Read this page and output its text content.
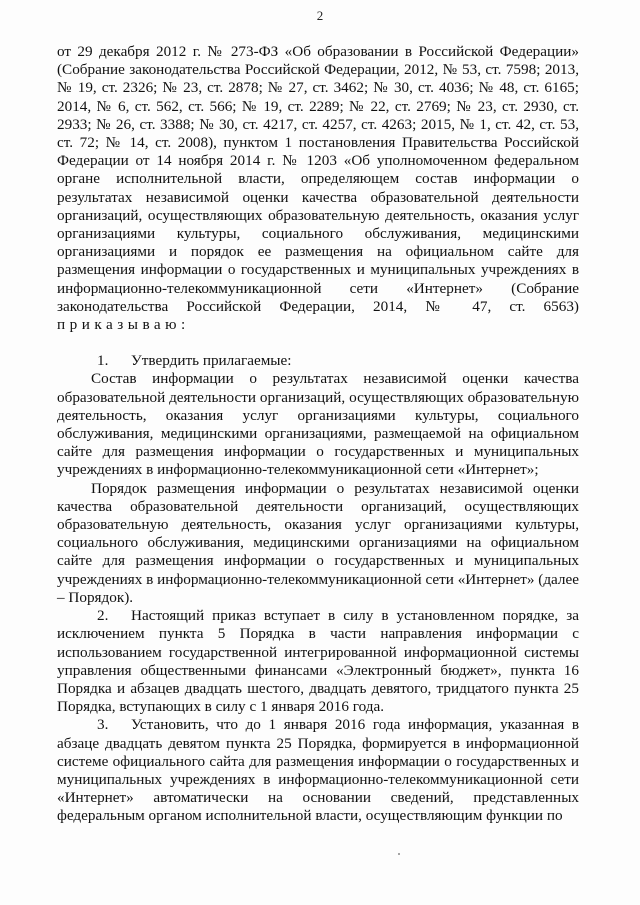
2

от 29 декабря 2012 г. № 273-ФЗ «Об образовании в Российской Федерации» (Собрание законодательства Российской Федерации, 2012, № 53, ст. 7598; 2013, № 19, ст. 2326; № 23, ст. 2878; № 27, ст. 3462; № 30, ст. 4036; № 48, ст. 6165; 2014, № 6, ст. 562, ст. 566; № 19, ст. 2289; № 22, ст. 2769; № 23, ст. 2930, ст. 2933; № 26, ст. 3388; № 30, ст. 4217, ст. 4257, ст. 4263; 2015, № 1, ст. 42, ст. 53, ст. 72; № 14, ст. 2008), пунктом 1 постановления Правительства Российской Федерации от 14 ноября 2014 г. № 1203 «Об уполномоченном федеральном органе исполнительной власти, определяющем состав информации о результатах независимой оценки качества образовательной деятельности организаций, осуществляющих образовательную деятельность, оказания услуг организациями культуры, социального обслуживания, медицинскими организациями и порядок ее размещения на официальном сайте для размещения информации о государственных и муниципальных учреждениях в информационно-телекоммуникационной сети «Интернет» (Собрание законодательства Российской Федерации, 2014, № 47, ст. 6563) приказываю:

1. Утвердить прилагаемые:

Состав информации о результатах независимой оценки качества образовательной деятельности организаций, осуществляющих образовательную деятельность, оказания услуг организациями культуры, социального обслуживания, медицинскими организациями, размещаемой на официальном сайте для размещения информации о государственных и муниципальных учреждениях в информационно-телекоммуникационной сети «Интернет»;

Порядок размещения информации о результатах независимой оценки качества образовательной деятельности организаций, осуществляющих образовательную деятельность, оказания услуг организациями культуры, социального обслуживания, медицинскими организациями на официальном сайте для размещения информации о государственных и муниципальных учреждениях в информационно-телекоммуникационной сети «Интернет» (далее – Порядок).

2. Настоящий приказ вступает в силу в установленном порядке, за исключением пункта 5 Порядка в части направления информации с использованием государственной интегрированной информационной системы управления общественными финансами «Электронный бюджет», пункта 16 Порядка и абзацев двадцать шестого, двадцать девятого, тридцатого пункта 25 Порядка, вступающих в силу с 1 января 2016 года.

3. Установить, что до 1 января 2016 года информация, указанная в абзаце двадцать девятом пункта 25 Порядка, формируется в информационной системе официального сайта для размещения информации о государственных и муниципальных учреждениях в информационно-телекоммуникационной сети «Интернет» автоматически на основании сведений, представленных федеральным органом исполнительной власти, осуществляющим функции по
